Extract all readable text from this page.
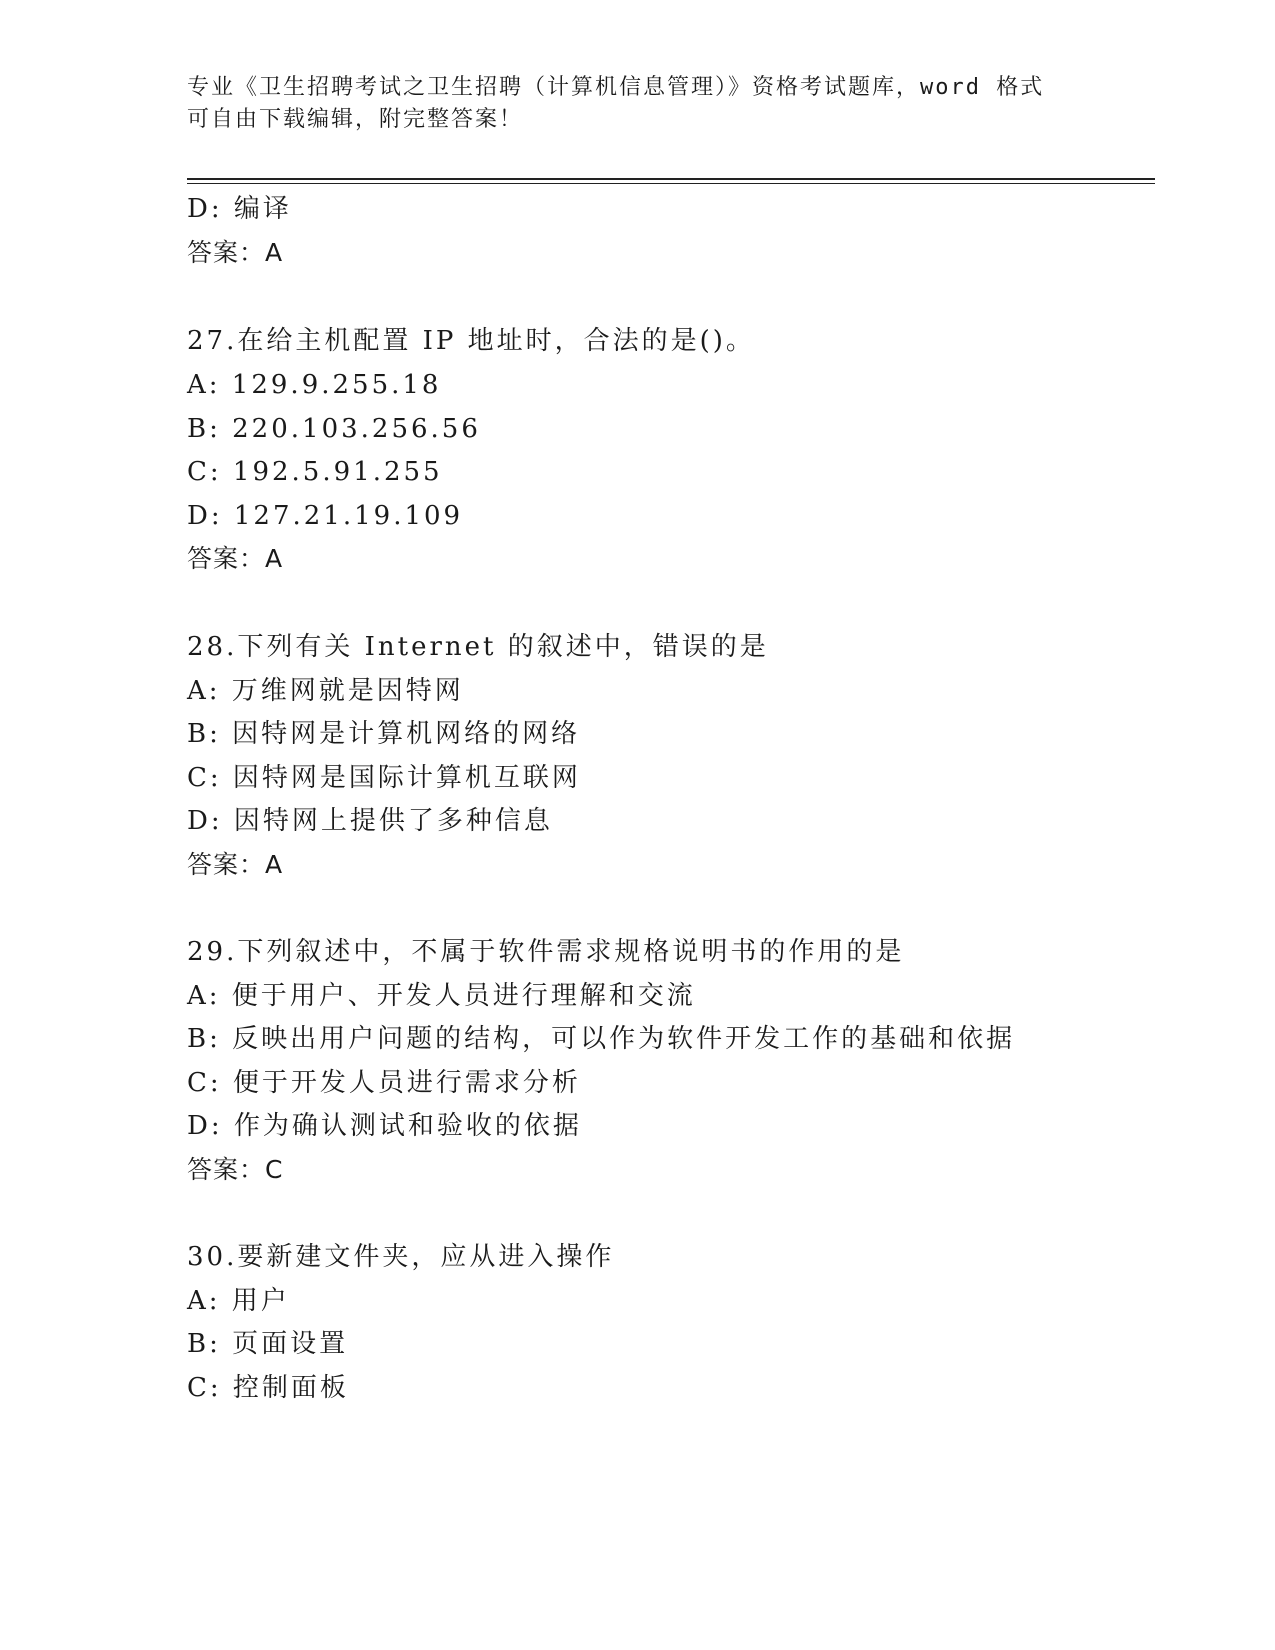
专业《卫生招聘考试之卫生招聘（计算机信息管理）》资格考试题库，word 格式
可自由下载编辑，附完整答案！
D: 编译
答案：A
27.在给主机配置 IP 地址时，合法的是()。
A: 129.9.255.18
B: 220.103.256.56
C: 192.5.91.255
D: 127.21.19.109
答案：A
28.下列有关 Internet 的叙述中，错误的是
A: 万维网就是因特网
B: 因特网是计算机网络的网络
C: 因特网是国际计算机互联网
D: 因特网上提供了多种信息
答案：A
29.下列叙述中，不属于软件需求规格说明书的作用的是
A: 便于用户、开发人员进行理解和交流
B: 反映出用户问题的结构，可以作为软件开发工作的基础和依据
C: 便于开发人员进行需求分析
D: 作为确认测试和验收的依据
答案：C
30.要新建文件夹，应从进入操作
A: 用户
B: 页面设置
C: 控制面板
